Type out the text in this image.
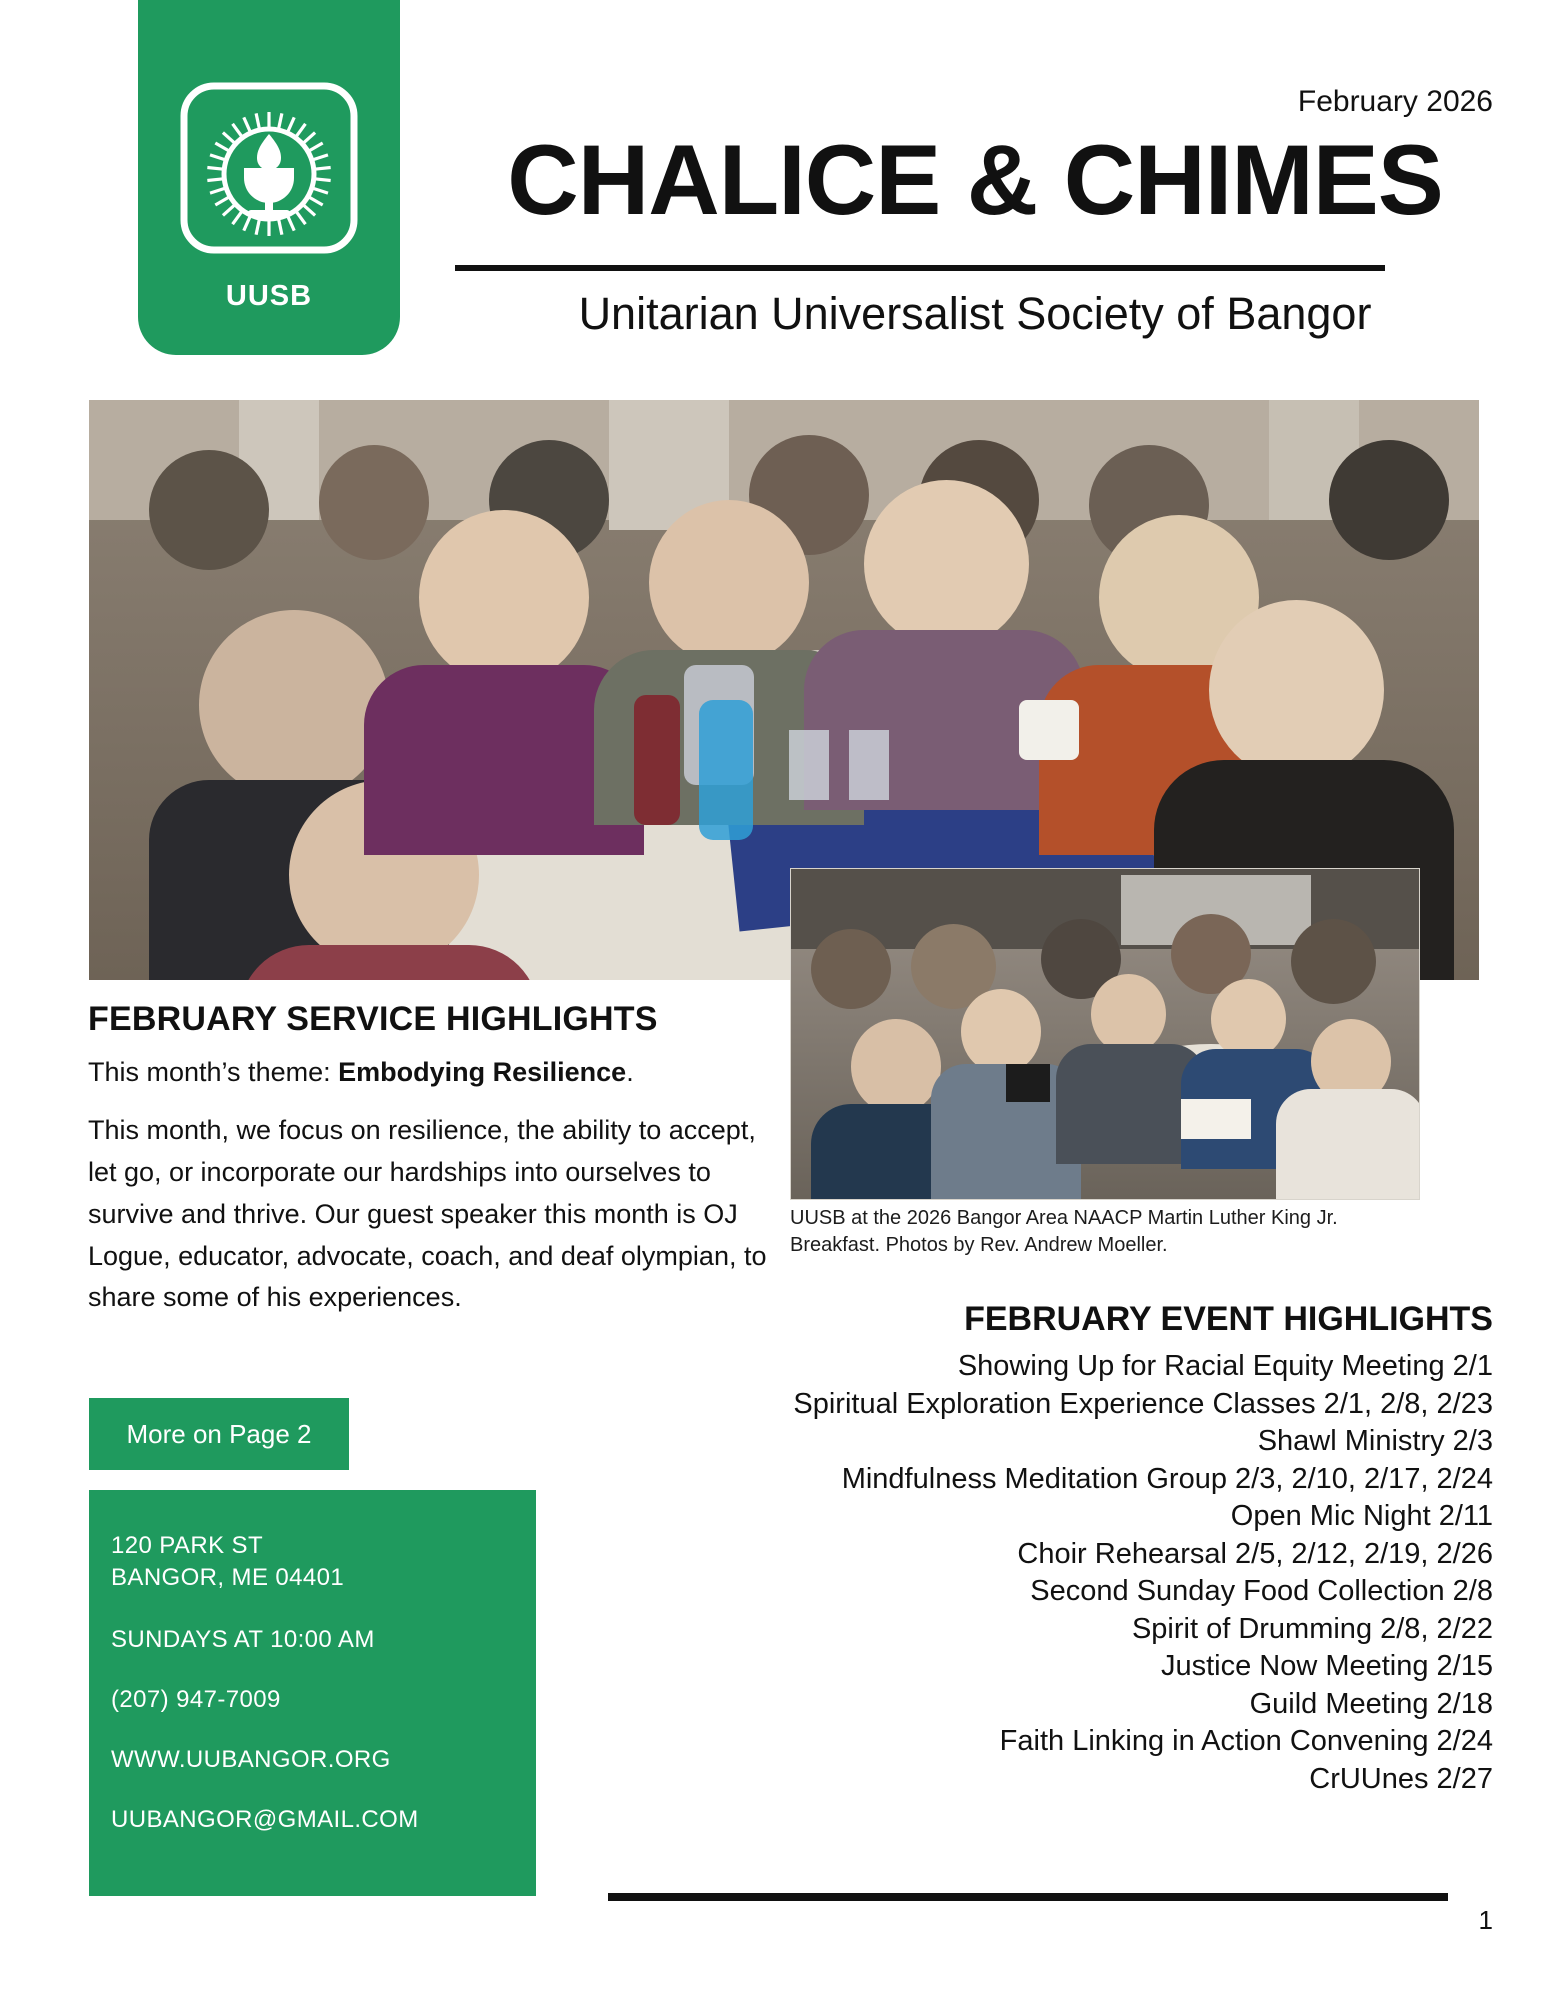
UUSB
February 2026
CHALICE & CHIMES
Unitarian Universalist Society of Bangor
UUSB at the 2026 Bangor Area NAACP Martin Luther King Jr. Breakfast. Photos by Rev. Andrew Moeller.
FEBRUARY SERVICE HIGHLIGHTS
This month’s theme: Embodying Resilience.
This month, we focus on resilience, the ability to accept, let go, or incorporate our hardships into ourselves to survive and thrive. Our guest speaker this month is OJ Logue, educator, advocate, coach, and deaf olympian, to share some of his experiences.
More on Page 2
120 PARK ST
BANGOR, ME 04401
SUNDAYS AT 10:00 AM
(207) 947-7009
WWW.UUBANGOR.ORG
UUBANGOR@GMAIL.COM
FEBRUARY EVENT HIGHLIGHTS
Showing Up for Racial Equity Meeting 2/1
Spiritual Exploration Experience Classes 2/1, 2/8, 2/23
Shawl Ministry 2/3
Mindfulness Meditation Group 2/3, 2/10, 2/17, 2/24
Open Mic Night 2/11
Choir Rehearsal 2/5, 2/12, 2/19, 2/26
Second Sunday Food Collection 2/8
Spirit of Drumming 2/8, 2/22
Justice Now Meeting 2/15
Guild Meeting 2/18
Faith Linking in Action Convening 2/24
CrUUnes 2/27
1
